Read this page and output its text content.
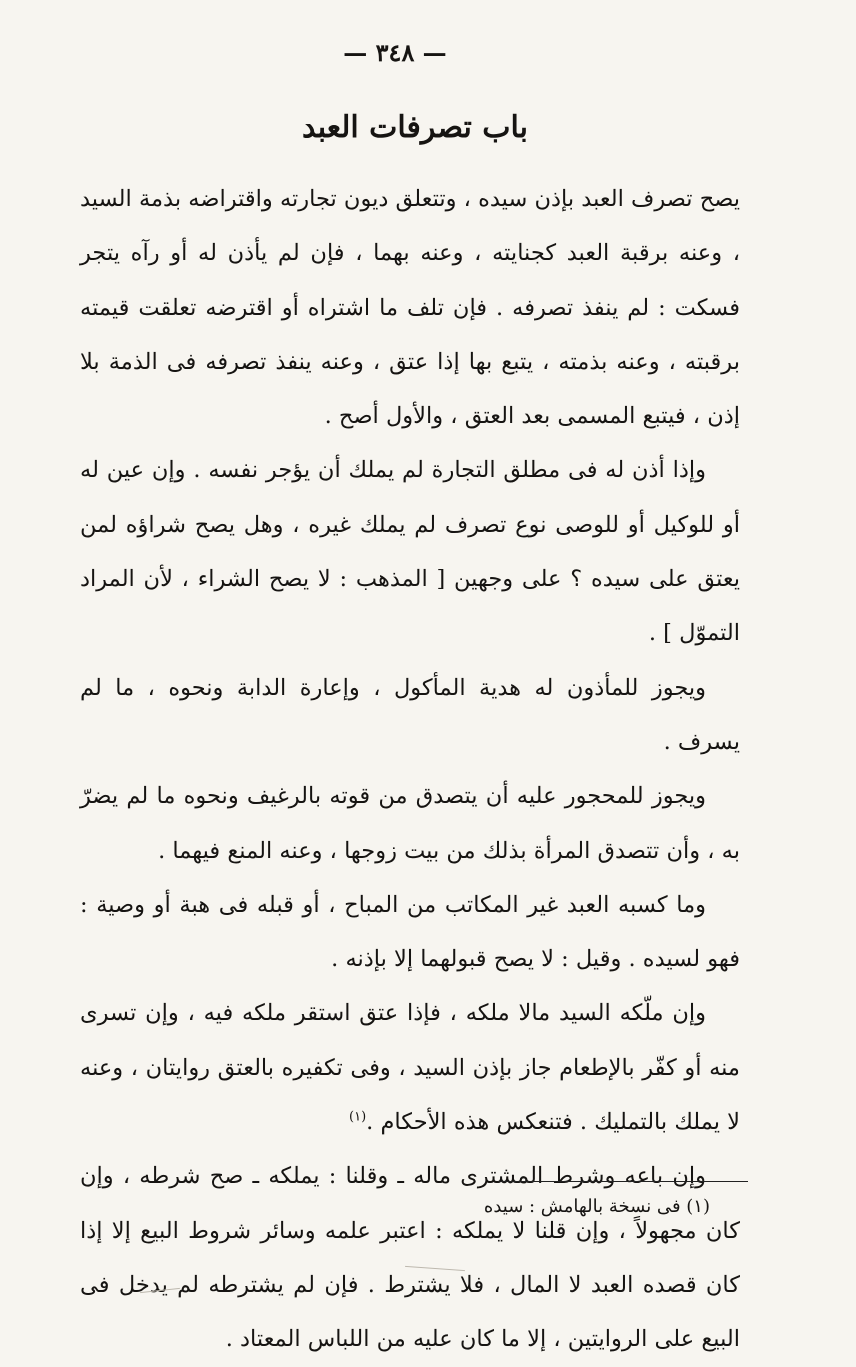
— ٣٤٨ —
باب تصرفات العبد

يصح تصرف العبد بإذن سيده ، وتتعلق ديون تجارته واقتراضه بذمة السيد ، وعنه برقبة العبد كجنايته ، وعنه بهما ، فإن لم يأذن له أو رآه يتجر فسكت : لم ينفذ تصرفه . فإن تلف ما اشتراه أو اقترضه تعلقت قيمته برقبته ، وعنه بذمته ، يتبع بها إذا عتق ، وعنه ينفذ تصرفه فى الذمة بلا إذن ، فيتبع المسمى بعد العتق ، والأول أصح .

وإذا أذن له فى مطلق التجارة لم يملك أن يؤجر نفسه . وإن عين له أو للوكيل أو للوصى نوع تصرف لم يملك غيره ، وهل يصح شراؤه لمن يعتق على سيده ؟ على وجهين [ المذهب : لا يصح الشراء ، لأن المراد التموّل ] .

ويجوز للمأذون له هدية المأكول ، وإعارة الدابة ونحوه ، ما لم يسرف .

ويجوز للمحجور عليه أن يتصدق من قوته بالرغيف ونحوه ما لم يضرّ به ، وأن تتصدق المرأة بذلك من بيت زوجها ، وعنه المنع فيهما .

وما كسبه العبد غير المكاتب من المباح ، أو قبله فى هبة أو وصية : فهو لسيده . وقيل : لا يصح قبولهما إلا بإذنه .

وإن ملّكه السيد مالا ملكه ، فإذا عتق استقر ملكه فيه ، وإن تسرى منه أو كفّر بالإطعام جاز بإذن السيد ، وفى تكفيره بالعتق روايتان ، وعنه لا يملك بالتمليك . فتنعكس هذه الأحكام .$^{(١)}$

وإن باعه وشرط المشترى ماله ـ وقلنا : يملكه ـ صح شرطه ، وإن كان مجهولاً ، وإن قلنا لا يملكه : اعتبر علمه وسائر شروط البيع إلا إذا كان قصده العبد لا المال ، فلا يشترط . فإن لم يشترطه لم يدخل فى البيع على الروايتين ، إلا ما كان عليه من اللباس المعتاد .

(١) فى نسخة بالهامش : سيده
